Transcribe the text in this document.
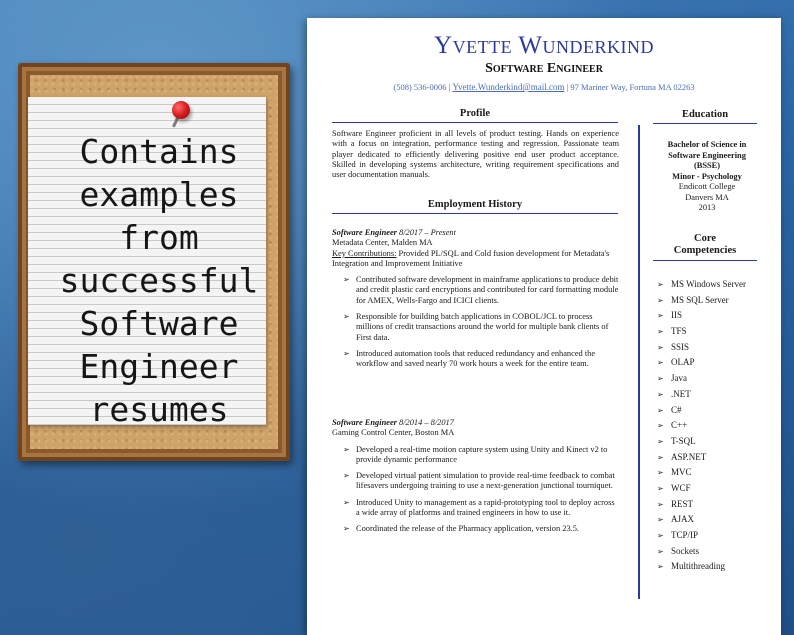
Contains
examples
from
successful
Software
Engineer
resumes
Yvette Wunderkind
Software Engineer
(508) 536-0006 | Yvette.Wunderkind@mail.com | 97 Mariner Way, Fortuna MA 02263
Profile
Software Engineer proficient in all levels of product testing. Hands on experience with a focus on integration, performance testing and regression. Passionate team player dedicated to efficiently delivering positive end user product acceptance. Skilled in developing systems architecture, writing requirement specifications and user documentation manuals.
Employment History
Software Engineer 8/2017 – Present
Metadata Center, Malden MA
Key Contributions: Provided PL/SQL and Cold fusion development for Metadata's Integration and Improvement Initiative
➢ Contributed software development in mainframe applications to produce debit and credit plastic card encryptions and contributed for card formatting module for AMEX, Wells-Fargo and ICICI clients.
➢ Responsible for building batch applications in COBOL/JCL to process millions of credit transactions around the world for multiple bank clients of First data.
➢ Introduced automation tools that reduced redundancy and enhanced the workflow and saved nearly 70 work hours a week for the entire team.
Software Engineer 8/2014 – 8/2017
Gaming Control Center, Boston MA
➢ Developed a real-time motion capture system using Unity and Kinect v2 to provide dynamic performance
➢ Developed virtual patient simulation to provide real-time feedback to combat lifesavers undergoing training to use a next-generation junctional tourniquet.
➢ Introduced Unity to management as a rapid-prototyping tool to deploy across a wide array of platforms and trained engineers in how to use it.
➢ Coordinated the release of the Pharmacy application, version 23.5.
Education
Bachelor of Science in
Software Engineering
(BSSE)
Minor - Psychology
Endicott College
Danvers MA
2013
Core
Competencies
➢ MS Windows Server
➢ MS SQL Server
➢ IIS
➢ TFS
➢ SSIS
➢ OLAP
➢ Java
➢ .NET
➢ C#
➢ C++
➢ T-SQL
➢ ASP.NET
➢ MVC
➢ WCF
➢ REST
➢ AJAX
➢ TCP/IP
➢ Sockets
➢ Multithreading
